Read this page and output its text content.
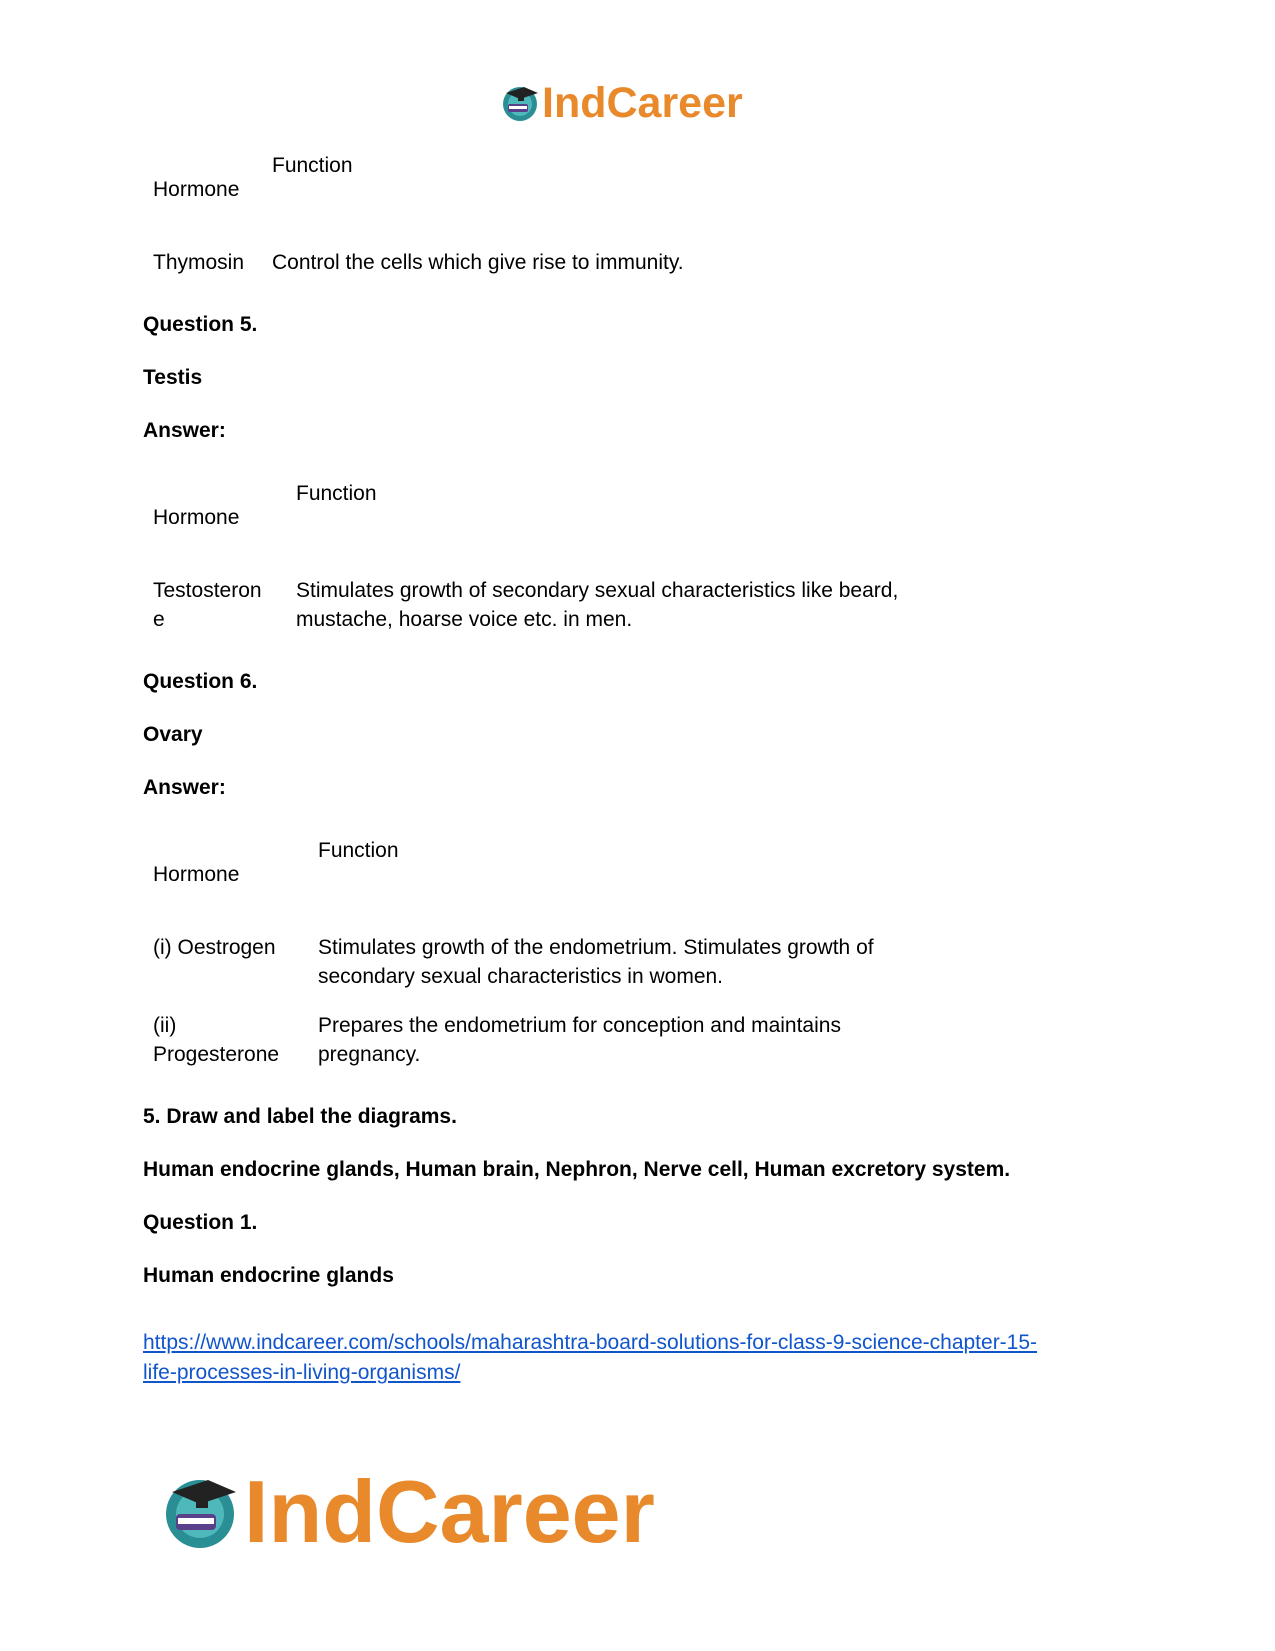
IndCareer
Function
Hormone
Thymosin Control the cells which give rise to immunity.
Question 5.
Testis
Answer:
Function
Hormone
Testosteron
e
Stimulates growth of secondary sexual characteristics like beard,
mustache, hoarse voice etc. in men.
Question 6.
Ovary
Answer:
Function
Hormone
(i) Oestrogen Stimulates growth of the endometrium. Stimulates growth of
secondary sexual characteristics in women.
(ii)
Progesterone
Prepares the endometrium for conception and maintains
pregnancy.
5. Draw and label the diagrams.
Human endocrine glands, Human brain, Nephron, Nerve cell, Human excretory system.
Question 1.
Human endocrine glands
https://www.indcareer.com/schools/maharashtra-board-solutions-for-class-9-science-chapter-15-
life-processes-in-living-organisms/
IndCareer
